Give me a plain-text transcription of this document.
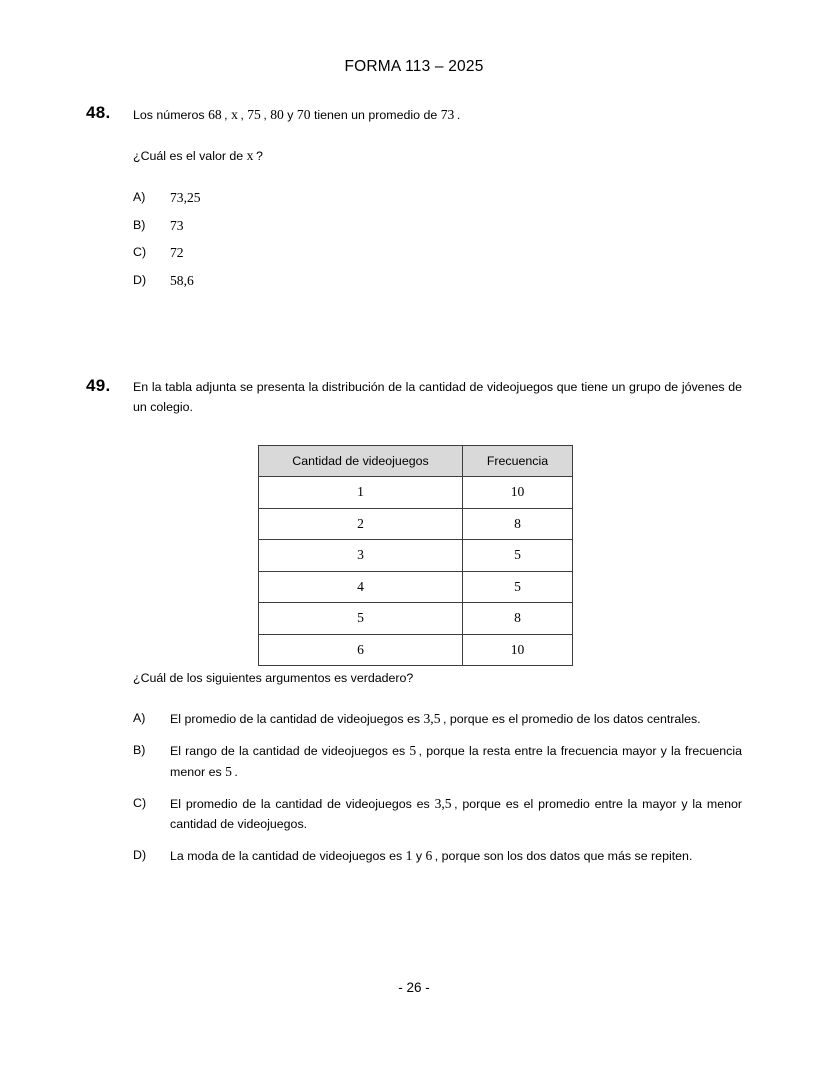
FORMA 113 – 2025
48.	Los números 68 , x , 75 , 80 y 70 tienen un promedio de 73 .
¿Cuál es el valor de x ?
A)	73,25
B)	73
C)	72
D)	58,6
49.	En la tabla adjunta se presenta la distribución de la cantidad de videojuegos que tiene un grupo de jóvenes de un colegio.
¿Cuál de los siguientes argumentos es verdadero?
A)	El promedio de la cantidad de videojuegos es 3,5 , porque es el promedio de los datos centrales.
B)	El rango de la cantidad de videojuegos es 5 , porque la resta entre la frecuencia mayor y la frecuencia menor es 5 .
C)	El promedio de la cantidad de videojuegos es 3,5 , porque es el promedio entre la mayor y la menor cantidad de videojuegos.
D)	La moda de la cantidad de videojuegos es 1 y 6 , porque son los dos datos que más se repiten.
Cantidad de videojuegos	Frecuencia
1	10
2	8
3	5
4	5
5	8
6	10
- 26 -
